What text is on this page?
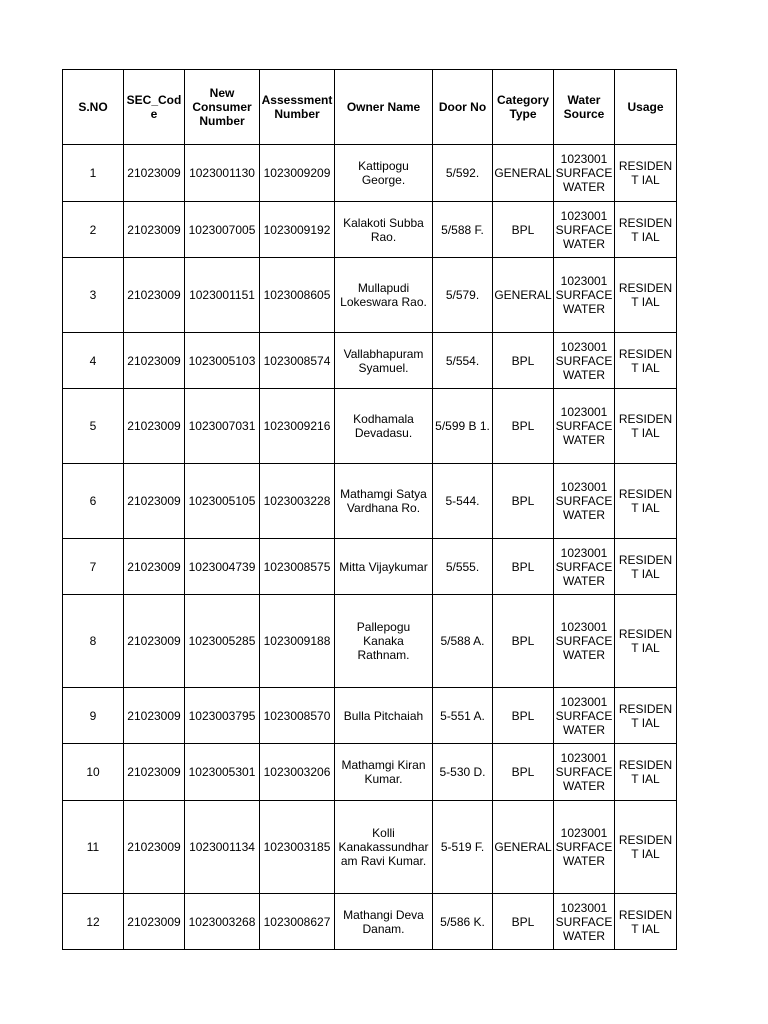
S.NO	SEC_Code	New Consumer Number	Assessment Number	Owner Name	Door No	Category Type	Water Source	Usage
1	21023009	1023001130	1023009209	Kattipogu George.	5/592.	GENERAL	1023001 SURFACE WATER	RESIDENT IAL
2	21023009	1023007005	1023009192	Kalakoti Subba Rao.	5/588 F.	BPL	1023001 SURFACE WATER	RESIDENT IAL
3	21023009	1023001151	1023008605	Mullapudi Lokeswara Rao.	5/579.	GENERAL	1023001 SURFACE WATER	RESIDENT IAL
4	21023009	1023005103	1023008574	Vallabhapuram Syamuel.	5/554.	BPL	1023001 SURFACE WATER	RESIDENT IAL
5	21023009	1023007031	1023009216	Kodhamala Devadasu.	5/599 B 1.	BPL	1023001 SURFACE WATER	RESIDENT IAL
6	21023009	1023005105	1023003228	Mathamgi Satya Vardhana Ro.	5-544.	BPL	1023001 SURFACE WATER	RESIDENT IAL
7	21023009	1023004739	1023008575	Mitta Vijaykumar	5/555.	BPL	1023001 SURFACE WATER	RESIDENT IAL
8	21023009	1023005285	1023009188	Pallepogu Kanaka Rathnam.	5/588 A.	BPL	1023001 SURFACE WATER	RESIDENT IAL
9	21023009	1023003795	1023008570	Bulla Pitchaiah	5-551 A.	BPL	1023001 SURFACE WATER	RESIDENT IAL
10	21023009	1023005301	1023003206	Mathamgi Kiran Kumar.	5-530 D.	BPL	1023001 SURFACE WATER	RESIDENT IAL
11	21023009	1023001134	1023003185	Kolli Kanakassundharam Ravi Kumar.	5-519 F.	GENERAL	1023001 SURFACE WATER	RESIDENT IAL
12	21023009	1023003268	1023008627	Mathangi Deva Danam.	5/586 K.	BPL	1023001 SURFACE WATER	RESIDENT IAL
